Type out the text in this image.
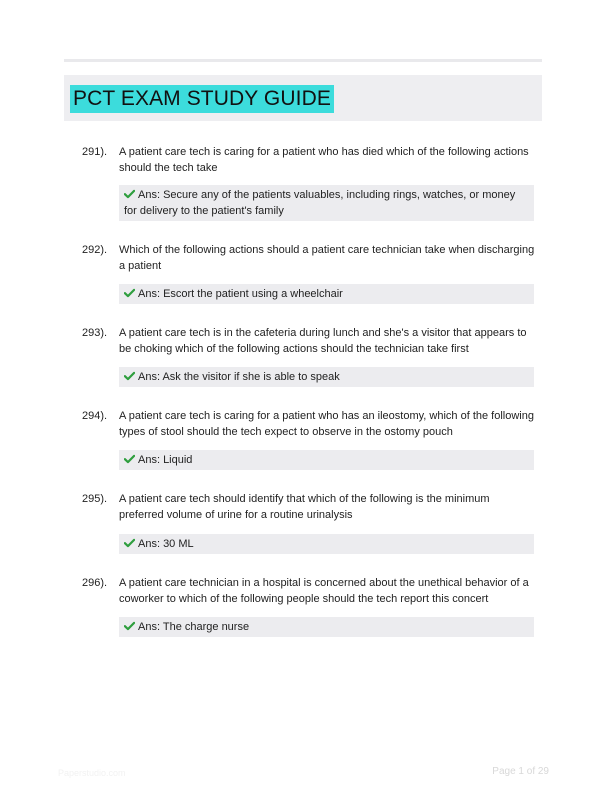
PCT EXAM STUDY GUIDE
291). A patient care tech is caring for a patient who has died which of the following actions should the tech take
Ans: Secure any of the patients valuables, including rings, watches, or money for delivery to the patient's family
292). Which of the following actions should a patient care technician take when discharging a patient
Ans: Escort the patient using a wheelchair
293). A patient care tech is in the cafeteria during lunch and she's a visitor that appears to be choking which of the following actions should the technician take first
Ans: Ask the visitor if she is able to speak
294). A patient care tech is caring for a patient who has an ileostomy, which of the following types of stool should the tech expect to observe in the ostomy pouch
Ans: Liquid
295). A patient care tech should identify that which of the following is the minimum preferred volume of urine for a routine urinalysis
Ans: 30 ML
296). A patient care technician in a hospital is concerned about the unethical behavior of a coworker to which of the following people should the tech report this concert
Ans: The charge nurse
Paperstudio.com	Page 1 of 29
